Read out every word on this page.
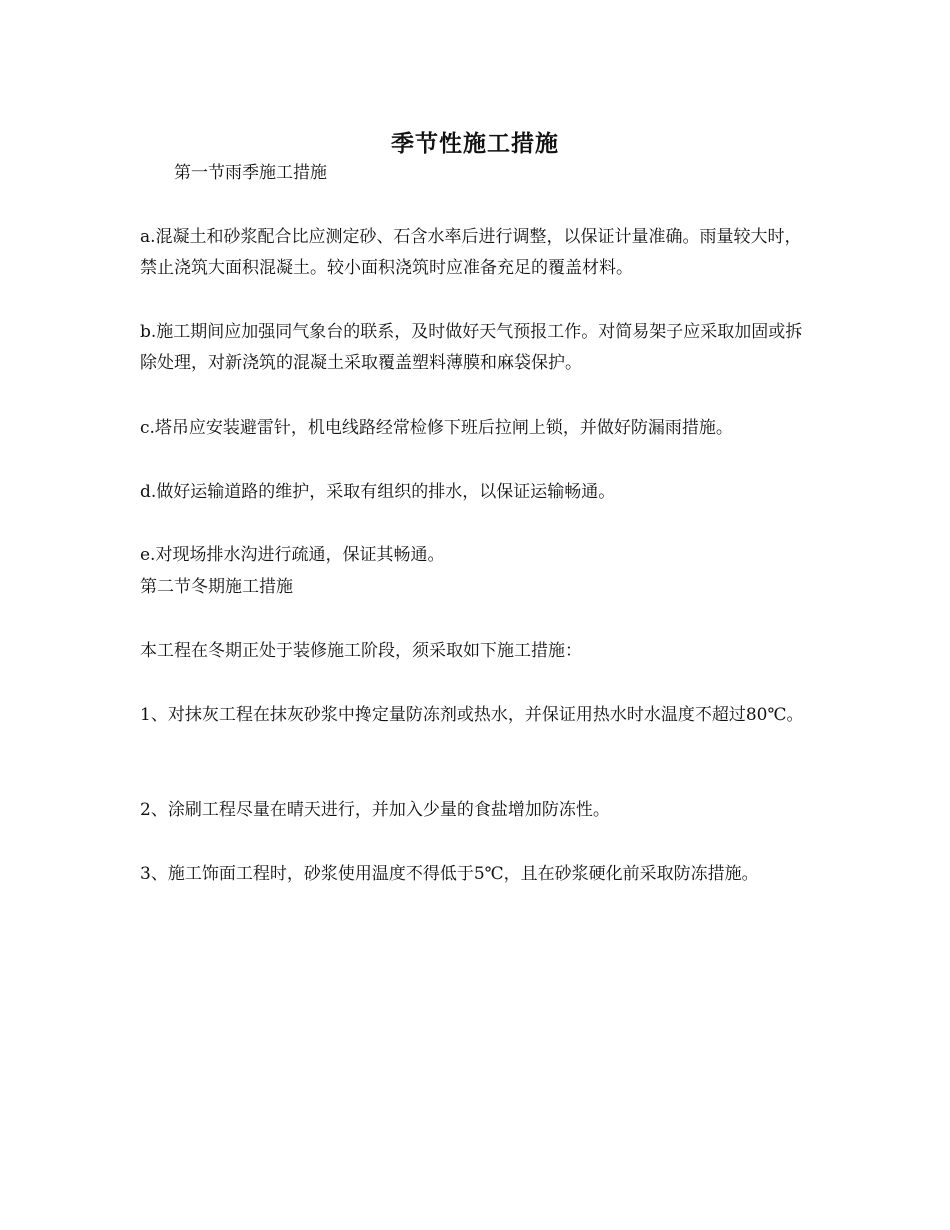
季节性施工措施

第一节雨季施工措施

a.混凝土和砂浆配合比应测定砂、石含水率后进行调整，以保证计量准确。雨量较大时，禁止浇筑大面积混凝土。较小面积浇筑时应准备充足的覆盖材料。

b.施工期间应加强同气象台的联系，及时做好天气预报工作。对简易架子应采取加固或拆除处理，对新浇筑的混凝土采取覆盖塑料薄膜和麻袋保护。

c.塔吊应安装避雷针，机电线路经常检修下班后拉闸上锁，并做好防漏雨措施。

d.做好运输道路的维护，采取有组织的排水，以保证运输畅通。

e.对现场排水沟进行疏通，保证其畅通。

第二节冬期施工措施

本工程在冬期正处于装修施工阶段，须采取如下施工措施：

1、对抹灰工程在抹灰砂浆中搀定量防冻剂或热水，并保证用热水时水温度不超过80℃。

2、涂刷工程尽量在晴天进行，并加入少量的食盐增加防冻性。

3、施工饰面工程时，砂浆使用温度不得低于5℃，且在砂浆硬化前采取防冻措施。
